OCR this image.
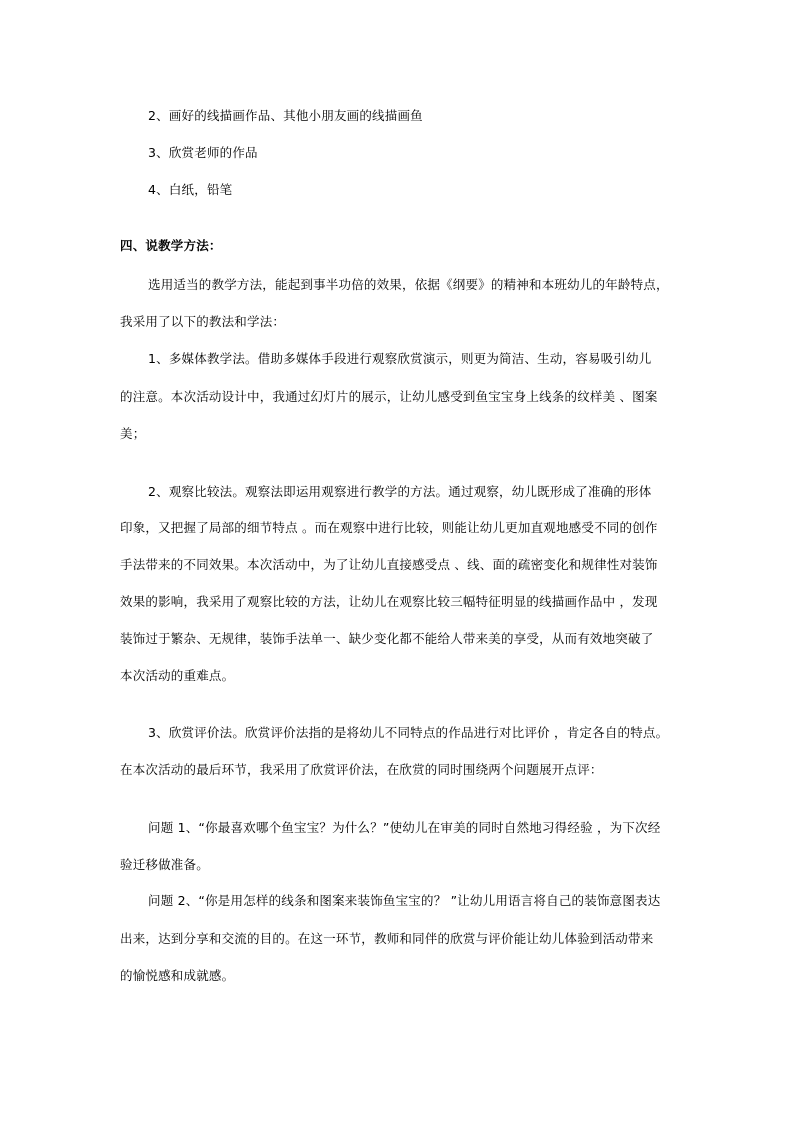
2、画好的线描画作品、其他小朋友画的线描画鱼
3、欣赏老师的作品
4、白纸，铅笔
四、说教学方法：
选用适当的教学方法，能起到事半功倍的效果，依据《纲要》的精神和本班幼儿的年龄特点，
我采用了以下的教法和学法：
1、多媒体教学法。借助多媒体手段进行观察欣赏演示，则更为简洁、生动，容易吸引幼儿
的注意。本次活动设计中，我通过幻灯片的展示，让幼儿感受到鱼宝宝身上线条的纹样美 、图案
美；
2、观察比较法。观察法即运用观察进行教学的方法。通过观察，幼儿既形成了准确的形体
印象，又把握了局部的细节特点 。而在观察中进行比较，则能让幼儿更加直观地感受不同的创作
手法带来的不同效果。本次活动中，为了让幼儿直接感受点 、线、面的疏密变化和规律性对装饰
效果的影响，我采用了观察比较的方法，让幼儿在观察比较三幅特征明显的线描画作品中 ，发现
装饰过于繁杂、无规律，装饰手法单一、缺少变化都不能给人带来美的享受，从而有效地突破了
本次活动的重难点。
3、欣赏评价法。欣赏评价法指的是将幼儿不同特点的作品进行对比评价 ，肯定各自的特点。
在本次活动的最后环节，我采用了欣赏评价法，在欣赏的同时围绕两个问题展开点评：
问题 1、“你最喜欢哪个鱼宝宝？为什么？”使幼儿在审美的同时自然地习得经验 ，为下次经
验迁移做准备。
问题 2、“你是用怎样的线条和图案来装饰鱼宝宝的？ ”让幼儿用语言将自己的装饰意图表达
出来，达到分享和交流的目的。在这一环节，教师和同伴的欣赏与评价能让幼儿体验到活动带来
的愉悦感和成就感。
